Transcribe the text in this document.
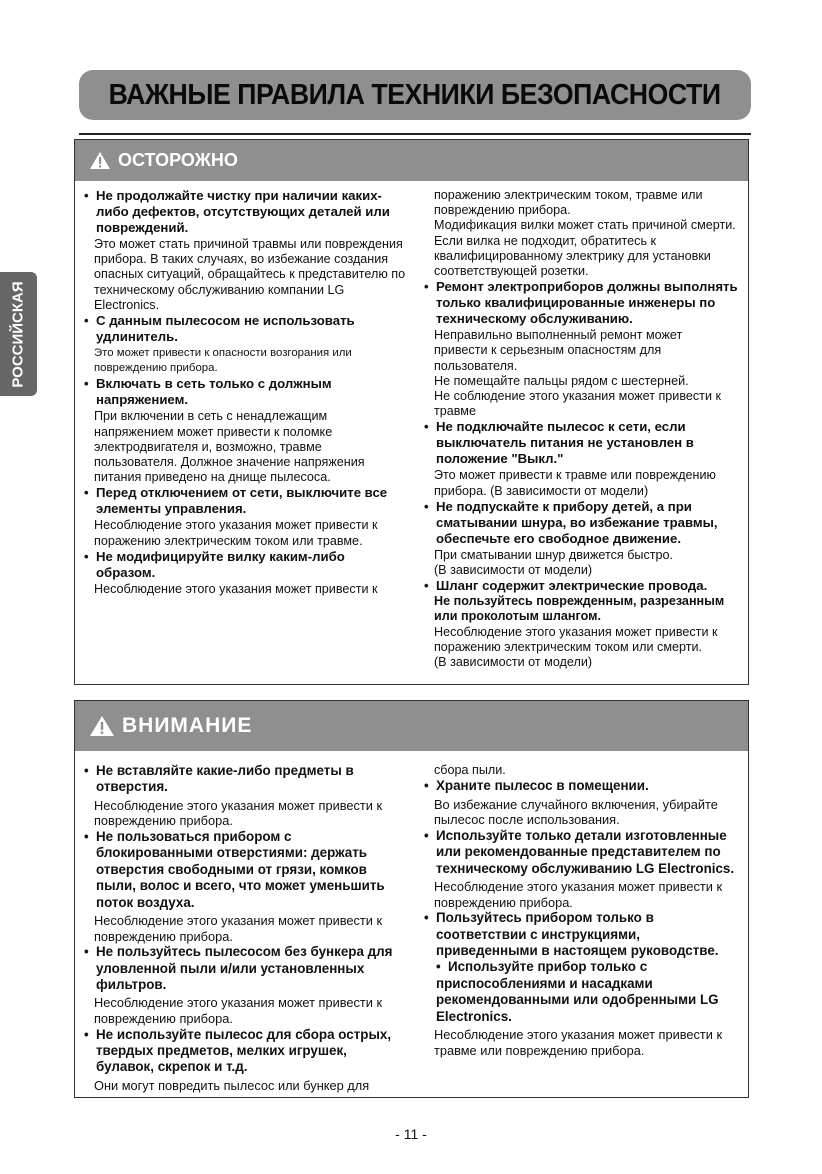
ВАЖНЫЕ ПРАВИЛА ТЕХНИКИ БЕЗОПАСНОСТИ
РОССИЙСКАЯ
ОСТОРОЖНО

• Не продолжайте чистку при наличии каких-либо дефектов, отсутствующих деталей или повреждений.

Это может стать причиной травмы или повреждения прибора. В таких случаях, во избежание создания опасных ситуаций, обращайтесь к представителю по техническому обслуживанию компании LG Electronics.

• С данным пылесосом не использовать удлинитель.

Это может привести к опасности возгорания или повреждению прибора.

• Включать в сеть только с должным напряжением.

При включении в сеть с ненадлежащим напряжением может привести к поломке электродвигателя и, возможно, травме пользователя. Должное значение напряжения питания приведено на днище пылесоса.

• Перед отключением от сети, выключите все элементы управления.

Несоблюдение этого указания может привести к поражению электрическим током или травме.

• Не модифицируйте вилку каким-либо образом.

Несоблюдение этого указания может привести к

поражению электрическим током, травме или повреждению прибора.

Модификация вилки может стать причиной смерти.

Если вилка не подходит, обратитесь к квалифицированному электрику для установки соответствующей розетки.

• Ремонт электроприборов должны выполнять только квалифицированные инженеры по техническому обслуживанию.

Неправильно выполненный ремонт может привести к серьезным опасностям для пользователя.

Не помещайте пальцы рядом с шестерней.

Не соблюдение этого указания может привести к травме

• Не подключайте пылесос к сети, если выключатель питания не установлен в положение "Выкл."

Это может привести к травме или повреждению прибора. (В зависимости от модели)

• Не подпускайте к прибору детей, а при сматывании шнура, во избежание травмы, обеспечьте его свободное движение.

При сматывании шнур движется быстро.

(В зависимости от модели)

• Шланг содержит электрические провода.

Не пользуйтесь поврежденным, разрезанным или проколотым шлангом.

Несоблюдение этого указания может привести к поражению электрическим током или смерти.

(В зависимости от модели)

ВНИМАНИЕ

• Не вставляйте какие-либо предметы в отверстия.

Несоблюдение этого указания может привести к повреждению прибора.

• Не пользоваться прибором с блокированными отверстиями: держать отверстия свободными от грязи, комков пыли, волос и всего, что может уменьшить поток воздуха.

Несоблюдение этого указания может привести к повреждению прибора.

• Не пользуйтесь пылесосом без бункера для уловленной пыли и/или установленных фильтров.

Несоблюдение этого указания может привести к повреждению прибора.

• Не используйте пылесос для сбора острых, твердых предметов, мелких игрушек, булавок, скрепок и т.д.

Они могут повредить пылесос или бункер для

сбора пыли.

• Храните пылесос в помещении.

Во избежание случайного включения, убирайте пылесос после использования.

• Используйте только детали изготовленные или рекомендованные представителем по техническому обслуживанию LG Electronics.

Несоблюдение этого указания может привести к повреждению прибора.

• Пользуйтесь прибором только в соответствии с инструкциями, приведенными в настоящем руководстве.

• Используйте прибор только с приспособлениями и насадками рекомендованными или одобренными LG Electronics.

Несоблюдение этого указания может привести к травме или повреждению прибора.

- 11 -
